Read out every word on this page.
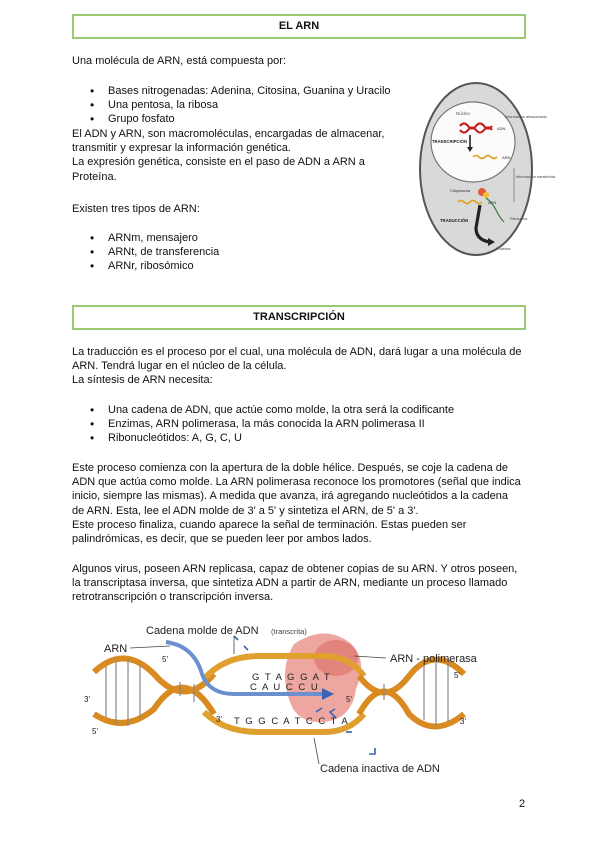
EL ARN

Una molécula de ARN, está compuesta por:

• Bases nitrogenadas: Adenina, Citosina, Guanina y Uracilo
• Una pentosa, la ribosa
• Grupo fosfato
El ADN y ARN, son macromoléculas, encargadas de almacenar,
transmitir y expresar la información genética.
La expresión genética, consiste en el paso de ADN a ARN a
Proteína.

Existen tres tipos de ARN:

• ARNm, mensajero
• ARNt, de transferencia
• ARNr, ribosómico
Núcleo
Información almacenada
ADN
TRANSCRIPCIÓN
ARN
Información transferida
Citoplasma
ARN
TRADUCCIÓN	Ribosoma
Proteína
TRANSCRIPCIÓN
La traducción es el proceso por el cual, una molécula de ADN, dará lugar a una molécula de
ARN. Tendrá lugar en el núcleo de la célula.
La síntesis de ARN necesita:
• Una cadena de ADN, que actúe como molde, la otra será la codificante
• Enzimas, ARN polimerasa, la más conocida la ARN polimerasa II
• Ribonucleótidos: A, G, C, U
Este proceso comienza con la apertura de la doble hélice. Después, se coje la cadena de
ADN que actúa como molde. La ARN polimerasa reconoce los promotores (señal que indica
inicio, siempre las mismas). A medida que avanza, irá agregando nucleótidos a la cadena
de ARN. Esta, lee el ADN molde de 3' a 5' y sintetiza el ARN, de 5' a 3'.
Este proceso finaliza, cuando aparece la señal de terminación. Estas pueden ser
palindrómicas, es decir, que se pueden leer por ambos lados.
Algunos virus, poseen ARN replicasa, capaz de obtener copias de su ARN. Y otros poseen,
la transcriptasa inversa, que sintetiza ADN a partir de ARN, mediante un proceso llamado
retrotranscripción o transcripción inversa.
G T A G G A T
C A U C C U
T G G C A T C C T A
ARN
Cadena molde de ADN (transcrita)
ARN - polimerasa
Cadena inactiva de ADN
3'
5'
5'
5'
3'
3'
5'
2
